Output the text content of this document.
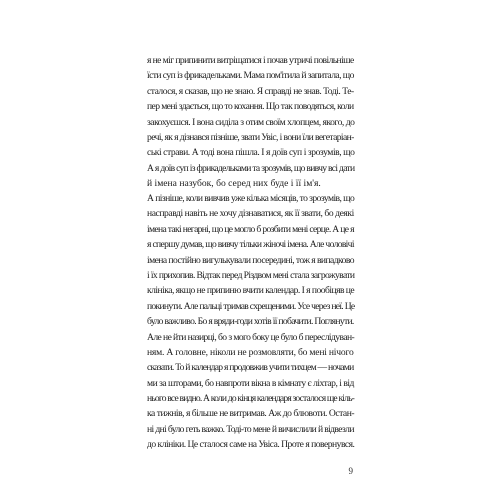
я не міг припинити витріщатися і почав утричі повільніше
їсти суп із фрикадельками. Мама пом'ітила й запитала, що
сталося, я сказав, що не знаю. Я справді не знав. Тоді. Те-
пер мені здається, що то кохання. Що так поводяться, коли
закохуєшся. І вона сиділа з отим своїм хлопцем, якого, до
речі, як я дізнався пізніше, звати Увіс, і вони їли вегетаріан-
ські страви. А тоді вона пішла. І я доїв суп і зрозумів, що
А я доїв суп із фрикадельками та зрозумів, що вивчу всі дати
й імена назубок, бо серед них буде і її ім'я.
А пізніше, коли вивчив уже кілька місяців, то зрозумів, що
насправді навіть не хочу дізнаватися, як її звати, бо деякі
імена такі негарні, що це могло б розбити мені серце. А це я
я спершу думав, що вивчу тільки жіночі імена. Але чоловічі
імена постійно вигулькували посередині, тож я випадково
і їх прихопив. Відтак перед Різдвом мені стала загрожувати
клініка, якщо не припиню вчити календар. І я пообіцяв це
покинути. Але пальці тримав схрещеними. Усе через неї. Це
було важливо. Бо я вряди-годи хотів її побачити. Поглянути.
Але не йти назирці, бо з мого боку це було б переслідуван-
ням. А головне, ніколи не розмовляти, бо мені нічого
сказати. То й календар я продовжив учити тихцем — ночами
ми за шторами, бо навпроти вікна в кімнату є ліхтар, і від
нього все видно. А коли до кінця календаря зосталося ще кіль-
ка тижнів, я більше не витримав. Аж до блювоти. Остан-
ні дні було геть важко. Тоді-то мене й вичислили й відвезли
до клініки. Це сталося саме на Увіса. Проте я повернувся.
9
